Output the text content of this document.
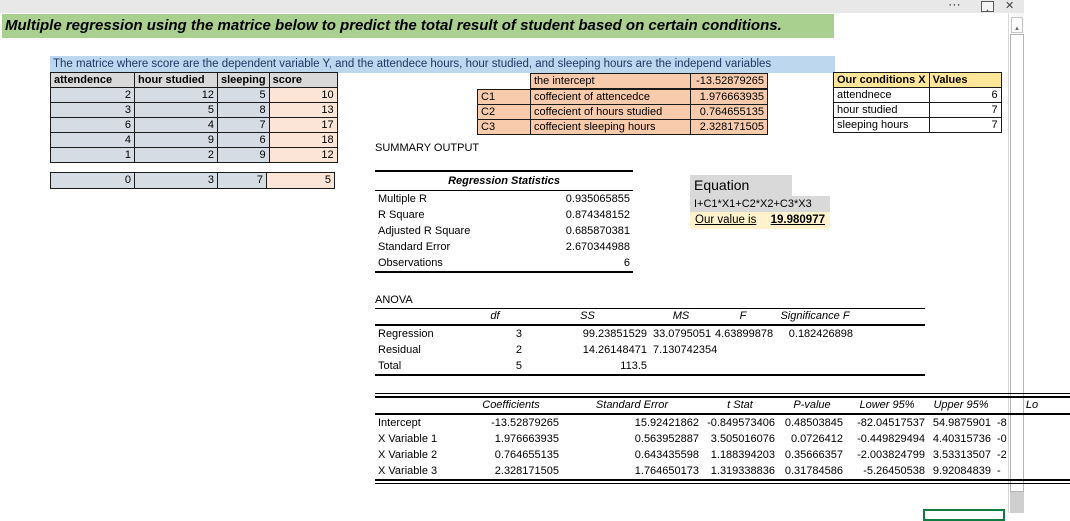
⋯	▲	✕
▲
Multiple regression using the matrice below to predict the total result of student based on certain conditions.
The matrice where score are the dependent variable Y, and the attendece hours, hour studied, and sleeping hours are the independ variables
attendence	hour studied	sleeping	score
2	12	5	10
3	5	8	13
6	4	7	17
4	9	6	18
1	2	9	12
0	3	7	5
the intercept	-13.52879265
C1	coffecient of attencedce	1.976663935
C2	coffecient of hours studied	0.764655135
C3	coffecient sleeping hours	2.328171505
Our conditions X	Values
attendnece	6
hour studied	7
sleeping hours	7
SUMMARY OUTPUT
Regression Statistics
Multiple R	0.935065855
R Square	0.874348152
Adjusted R Square	0.685870381
Standard Error	2.670344988
Observations	6
Equation
I+C1*X1+C2*X2+C3*X3
Our value is 19.980977
ANOVA
	df	SS	MS	F	Significance F
Regression	3	99.23851529	33.0795051	4.63899878	0.182426898
Residual	2	14.26148471	7.130742354		
Total	5	113.5			
	Coefficients	Standard Error	t Stat	P-value	Lower 95%	Upper 95%	Lo
Intercept	-13.52879265	15.92421862	-0.849573406	0.48503845	-82.04517537	54.9875901	-8
X Variable 1	1.976663935	0.563952887	3.505016076	0.0726412	-0.449829494	4.40315736	-0
X Variable 2	0.764655135	0.643435598	1.188394203	0.35666357	-2.003824799	3.53313507	-2
X Variable 3	2.328171505	1.764650173	1.319338836	0.31784586	-5.26450538	9.92084839	-
